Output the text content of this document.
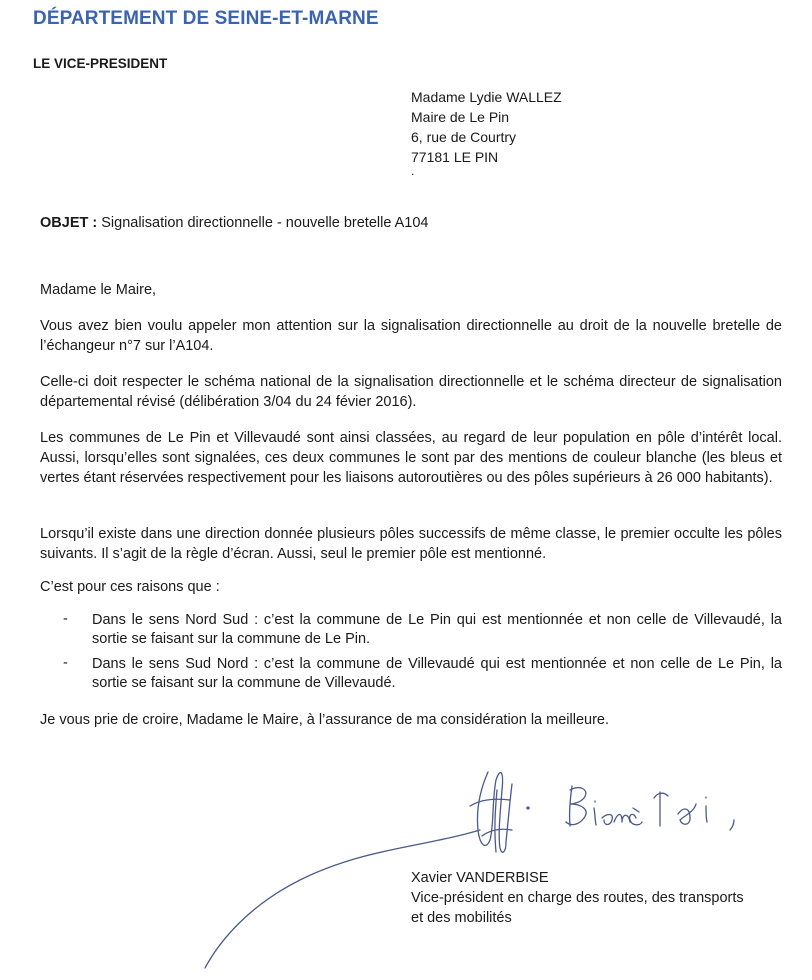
DÉPARTEMENT DE SEINE-ET-MARNE
LE VICE-PRESIDENT
Madame Lydie WALLEZ
Maire de Le Pin
6, rue de Courtry
77181 LE PIN
.
OBJET : Signalisation directionnelle - nouvelle bretelle A104
Madame le Maire,
Vous avez bien voulu appeler mon attention sur la signalisation directionnelle au droit de la nouvelle bretelle de l’échangeur n°7 sur l’A104.
Celle-ci doit respecter le schéma national de la signalisation directionnelle et le schéma directeur de signalisation départemental révisé (délibération 3/04 du 24 févier 2016).
Les communes de Le Pin et Villevaudé sont ainsi classées, au regard de leur population en pôle d’intérêt local. Aussi, lorsqu’elles sont signalées, ces deux communes le sont par des mentions de couleur blanche (les bleus et vertes étant réservées respectivement pour les liaisons autoroutières ou des pôles supérieurs à 26 000 habitants).
Lorsqu’il existe dans une direction donnée plusieurs pôles successifs de même classe, le premier occulte les pôles suivants. Il s’agit de la règle d’écran. Aussi, seul le premier pôle est mentionné.
C’est pour ces raisons que :
- Dans le sens Nord Sud : c’est la commune de Le Pin qui est mentionnée et non celle de Villevaudé, la sortie se faisant sur la commune de Le Pin.
- Dans le sens Sud Nord : c’est la commune de Villevaudé qui est mentionnée et non celle de Le Pin, la sortie se faisant sur la commune de Villevaudé.
Je vous prie de croire, Madame le Maire, à l’assurance de ma considération la meilleure.
Xavier VANDERBISE
Vice-président en charge des routes, des transports et des mobilités
